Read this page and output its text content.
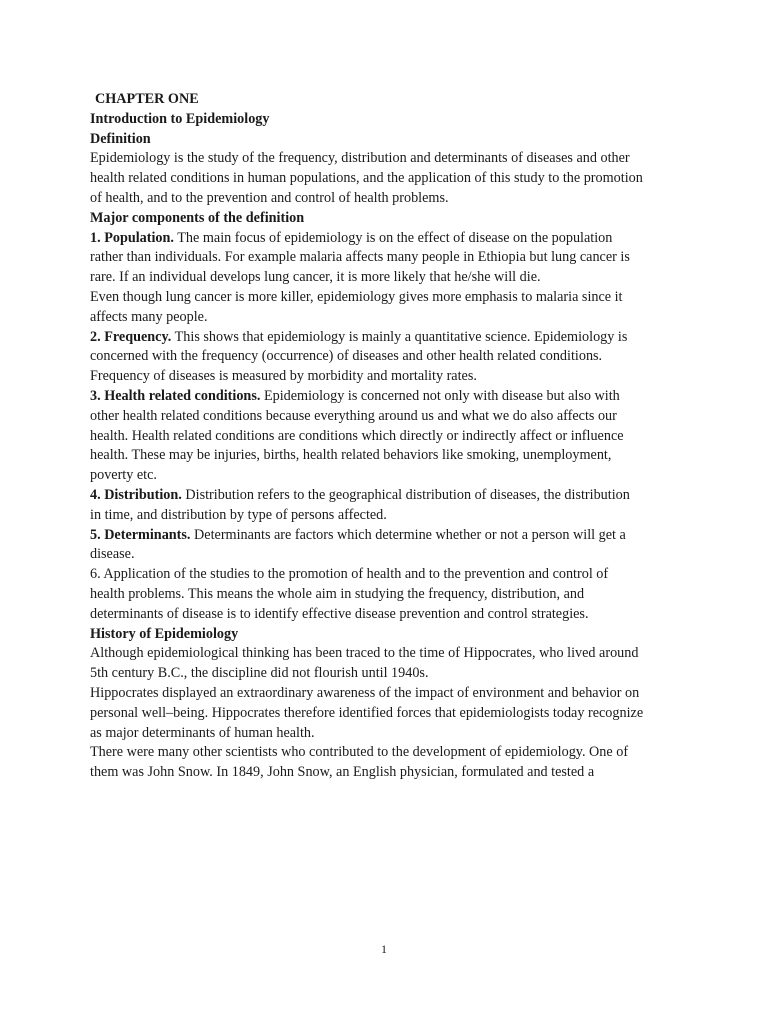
CHAPTER ONE
Introduction to Epidemiology
Definition
Epidemiology is the study of the frequency, distribution and determinants of diseases and other
health related conditions in human populations, and the application of this study to the promotion
of health, and to the prevention and control of health problems.
Major components of the definition
1. Population. The main focus of epidemiology is on the effect of disease on the population
rather than individuals. For example malaria affects many people in Ethiopia but lung cancer is
rare. If an individual develops lung cancer, it is more likely that he/she will die.
Even though lung cancer is more killer, epidemiology gives more emphasis to malaria since it
affects many people.
2. Frequency. This shows that epidemiology is mainly a quantitative science. Epidemiology is
concerned with the frequency (occurrence) of diseases and other health related conditions.
Frequency of diseases is measured by morbidity and mortality rates.
3. Health related conditions. Epidemiology is concerned not only with disease but also with
other health related conditions because everything around us and what we do also affects our
health. Health related conditions are conditions which directly or indirectly affect or influence
health. These may be injuries, births, health related behaviors like smoking, unemployment,
poverty etc.
4. Distribution. Distribution refers to the geographical distribution of diseases, the distribution
in time, and distribution by type of persons affected.
5. Determinants. Determinants are factors which determine whether or not a person will get a
disease.
6. Application of the studies to the promotion of health and to the prevention and control of
health problems. This means the whole aim in studying the frequency, distribution, and
determinants of disease is to identify effective disease prevention and control strategies.
History of Epidemiology
Although epidemiological thinking has been traced to the time of Hippocrates, who lived around
5th century B.C., the discipline did not flourish until 1940s.
Hippocrates displayed an extraordinary awareness of the impact of environment and behavior on
personal well–being. Hippocrates therefore identified forces that epidemiologists today recognize
as major determinants of human health.
There were many other scientists who contributed to the development of epidemiology. One of
them was John Snow. In 1849, John Snow, an English physician, formulated and tested a
1
